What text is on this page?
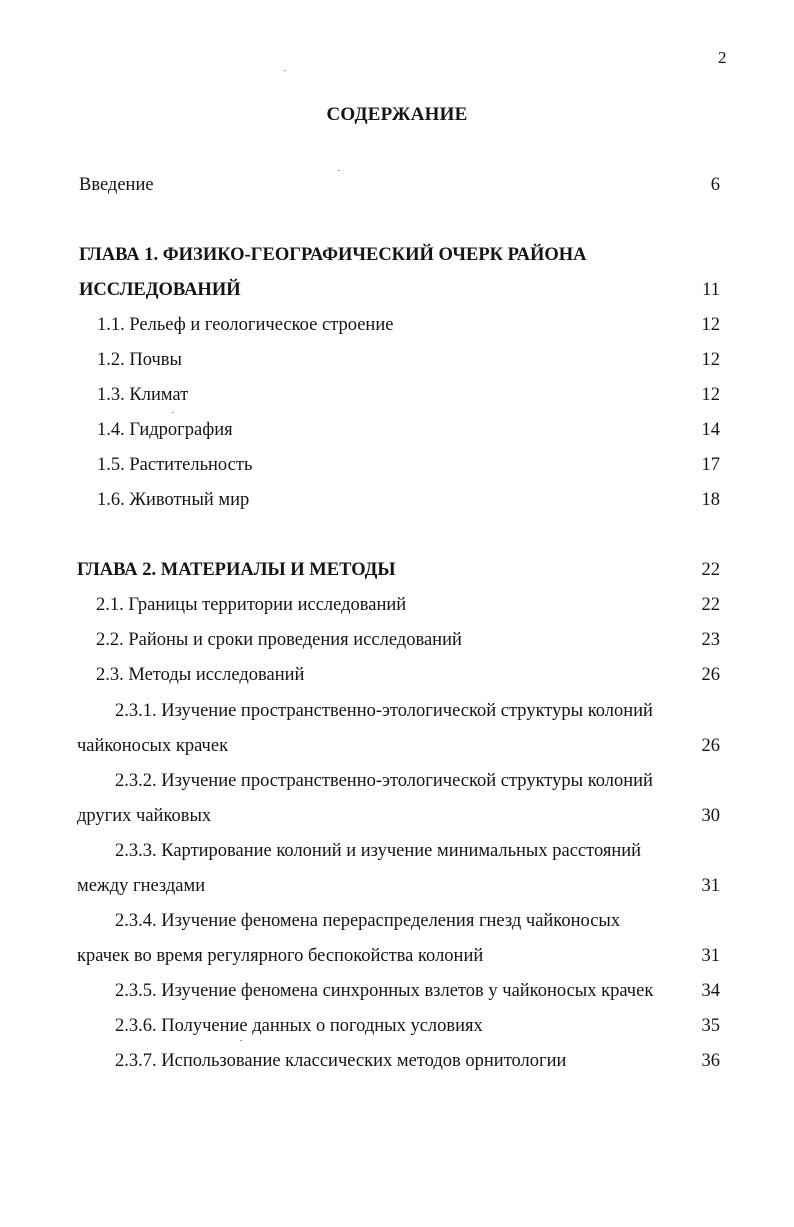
2
СОДЕРЖАНИЕ
Введение	6
ГЛАВА 1. ФИЗИКО-ГЕОГРАФИЧЕСКИЙ ОЧЕРК РАЙОНА
ИССЛЕДОВАНИЙ	11
1.1. Рельеф и геологическое строение	12
1.2. Почвы	12
1.3. Климат	12
1.4. Гидрография	14
1.5. Растительность	17
1.6. Животный мир	18
ГЛАВА 2. МАТЕРИАЛЫ И МЕТОДЫ	22
2.1. Границы территории исследований	22
2.2. Районы и сроки проведения исследований	23
2.3. Методы исследований	26
2.3.1. Изучение пространственно-этологической структуры колоний
чайконосых крачек	26
2.3.2. Изучение пространственно-этологической структуры колоний
других чайковых	30
2.3.3. Картирование колоний и изучение минимальных расстояний
между гнездами	31
2.3.4. Изучение феномена перераспределения гнезд чайконосых
крачек во время регулярного беспокойства колоний	31
2.3.5. Изучение феномена синхронных взлетов у чайконосых крачек	34
2.3.6. Получение данных о погодных условиях	35
2.3.7. Использование классических методов орнитологии	36
